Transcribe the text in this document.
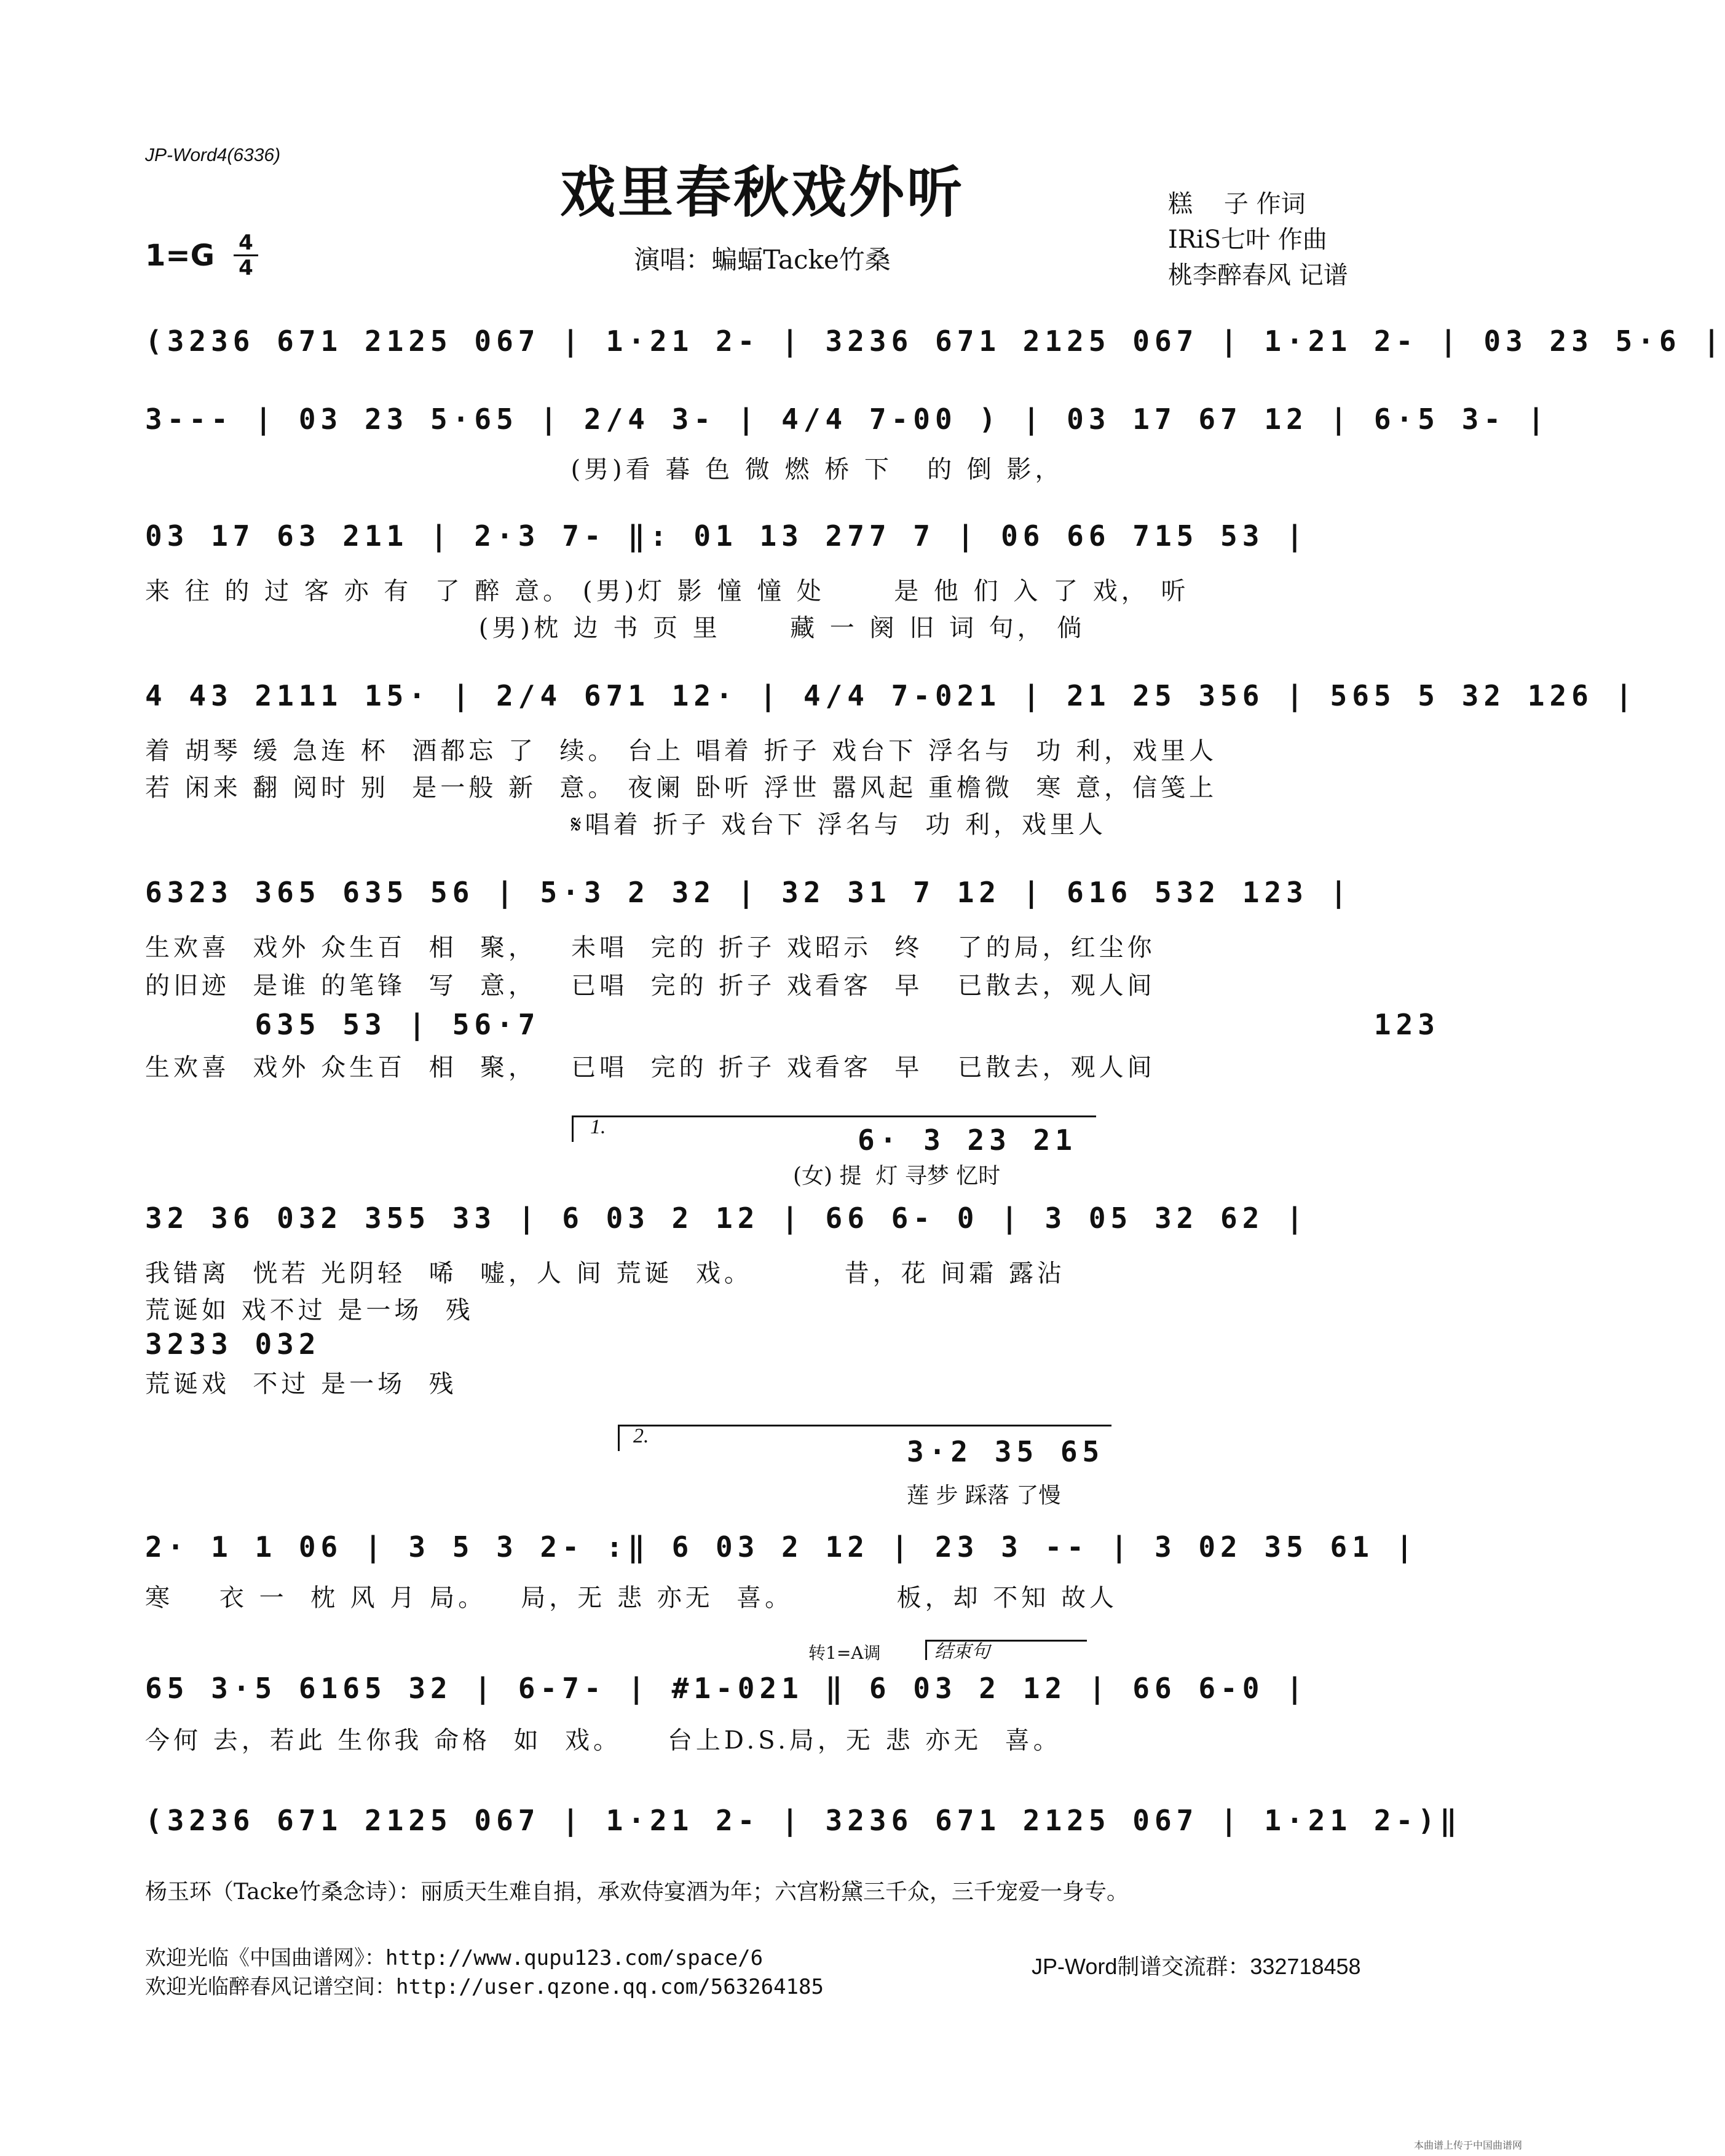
JP-Word4(6336)
戏里春秋戏外听
演唱：蝙蝠Tacke竹桑
糕    子 作词
IRiS七叶 作曲
桃李醉春风 记谱
1=G 4
4
(3236 671 2125 067 | 1·21 2- | 3236 671 2125 067 | 1·21 2- | 03 23 5·6 |
3--- | 03 23 5·65 | 2/4 3- | 4/4 7-00 ) | 03 17 67 12 | 6·5 3- |
(男)看 暮 色 微 燃 桥 下   的 倒 影，
03 17 63 211 | 2·3 7- ‖: 01 13 277 7 | 06 66 715 53 |
来 往 的 过 客 亦 有  了 醉 意。 (男)灯 影 憧 憧 处      是 他 们 入 了 戏， 听
(男)枕 边 书 页 里      藏 一 阕 旧 词 句， 倘
4 43 2111 15· | 2/4 671 12· | 4/4 7-021 | 21 25 356 | 565 5 32 126 |
着 胡琴 缓 急连 杯  酒都忘 了  续。 台上 唱着 折子 戏台下 浮名与  功 利，戏里人
若 闲来 翻 阅时 别  是一般 新  意。 夜阑 卧听 浮世 嚣风起 重檐微  寒 意，信笺上
𝄋唱着 折子 戏台下 浮名与  功 利，戏里人
6323 365 635 56 | 5·3 2 32 | 32 31 7 12 | 616 532 123 |
生欢喜  戏外 众生百  相  聚，   未唱  完的 折子 戏昭示  终   了的局，红尘你
的旧迹  是谁 的笔锋  写  意，   已唱  完的 折子 戏看客  早   已散去，观人间
635 53 | 56·7                                      123
生欢喜  戏外 众生百  相  聚，   已唱  完的 折子 戏看客  早   已散去，观人间
1.	6· 3 23 21
(女) 提  灯 寻梦 忆时
32 36 032 355 33 | 6 03 2 12 | 66 6- 0 | 3 05 32 62 |
我错离  恍若 光阴轻  唏  嘘，人 间 荒诞  戏。        昔，花 间霜 露沾
荒诞如 戏不过 是一场  残
3233 032
荒诞戏  不过 是一场  残
2.	3·2 35 65
莲 步 踩落 了慢
2· 1 1 06 | 3 5 3 2- :‖ 6 03 2 12 | 23 3 -- | 3 02 35 61 |
寒    衣 一  枕 风 月 局。   局，无 悲 亦无  喜。         板，却 不知 故人
转1=A调	结束句
65 3·5 6165 32 | 6-7- | #1-021 ‖ 6 03 2 12 | 66 6-0 |
今何 去，若此 生你我 命格  如  戏。    台上D.S.局，无 悲 亦无  喜。
(3236 671 2125 067 | 1·21 2- | 3236 671 2125 067 | 1·21 2-)‖
杨玉环（Tacke竹桑念诗）：丽质天生难自捐，承欢侍宴酒为年；六宫粉黛三千众，三千宠爱一身专。
欢迎光临《中国曲谱网》：http://www.qupu123.com/space/6
欢迎光临醉春风记谱空间：http://user.qzone.qq.com/563264185
JP-Word制谱交流群：332718458
本曲谱上传于中国曲谱网
